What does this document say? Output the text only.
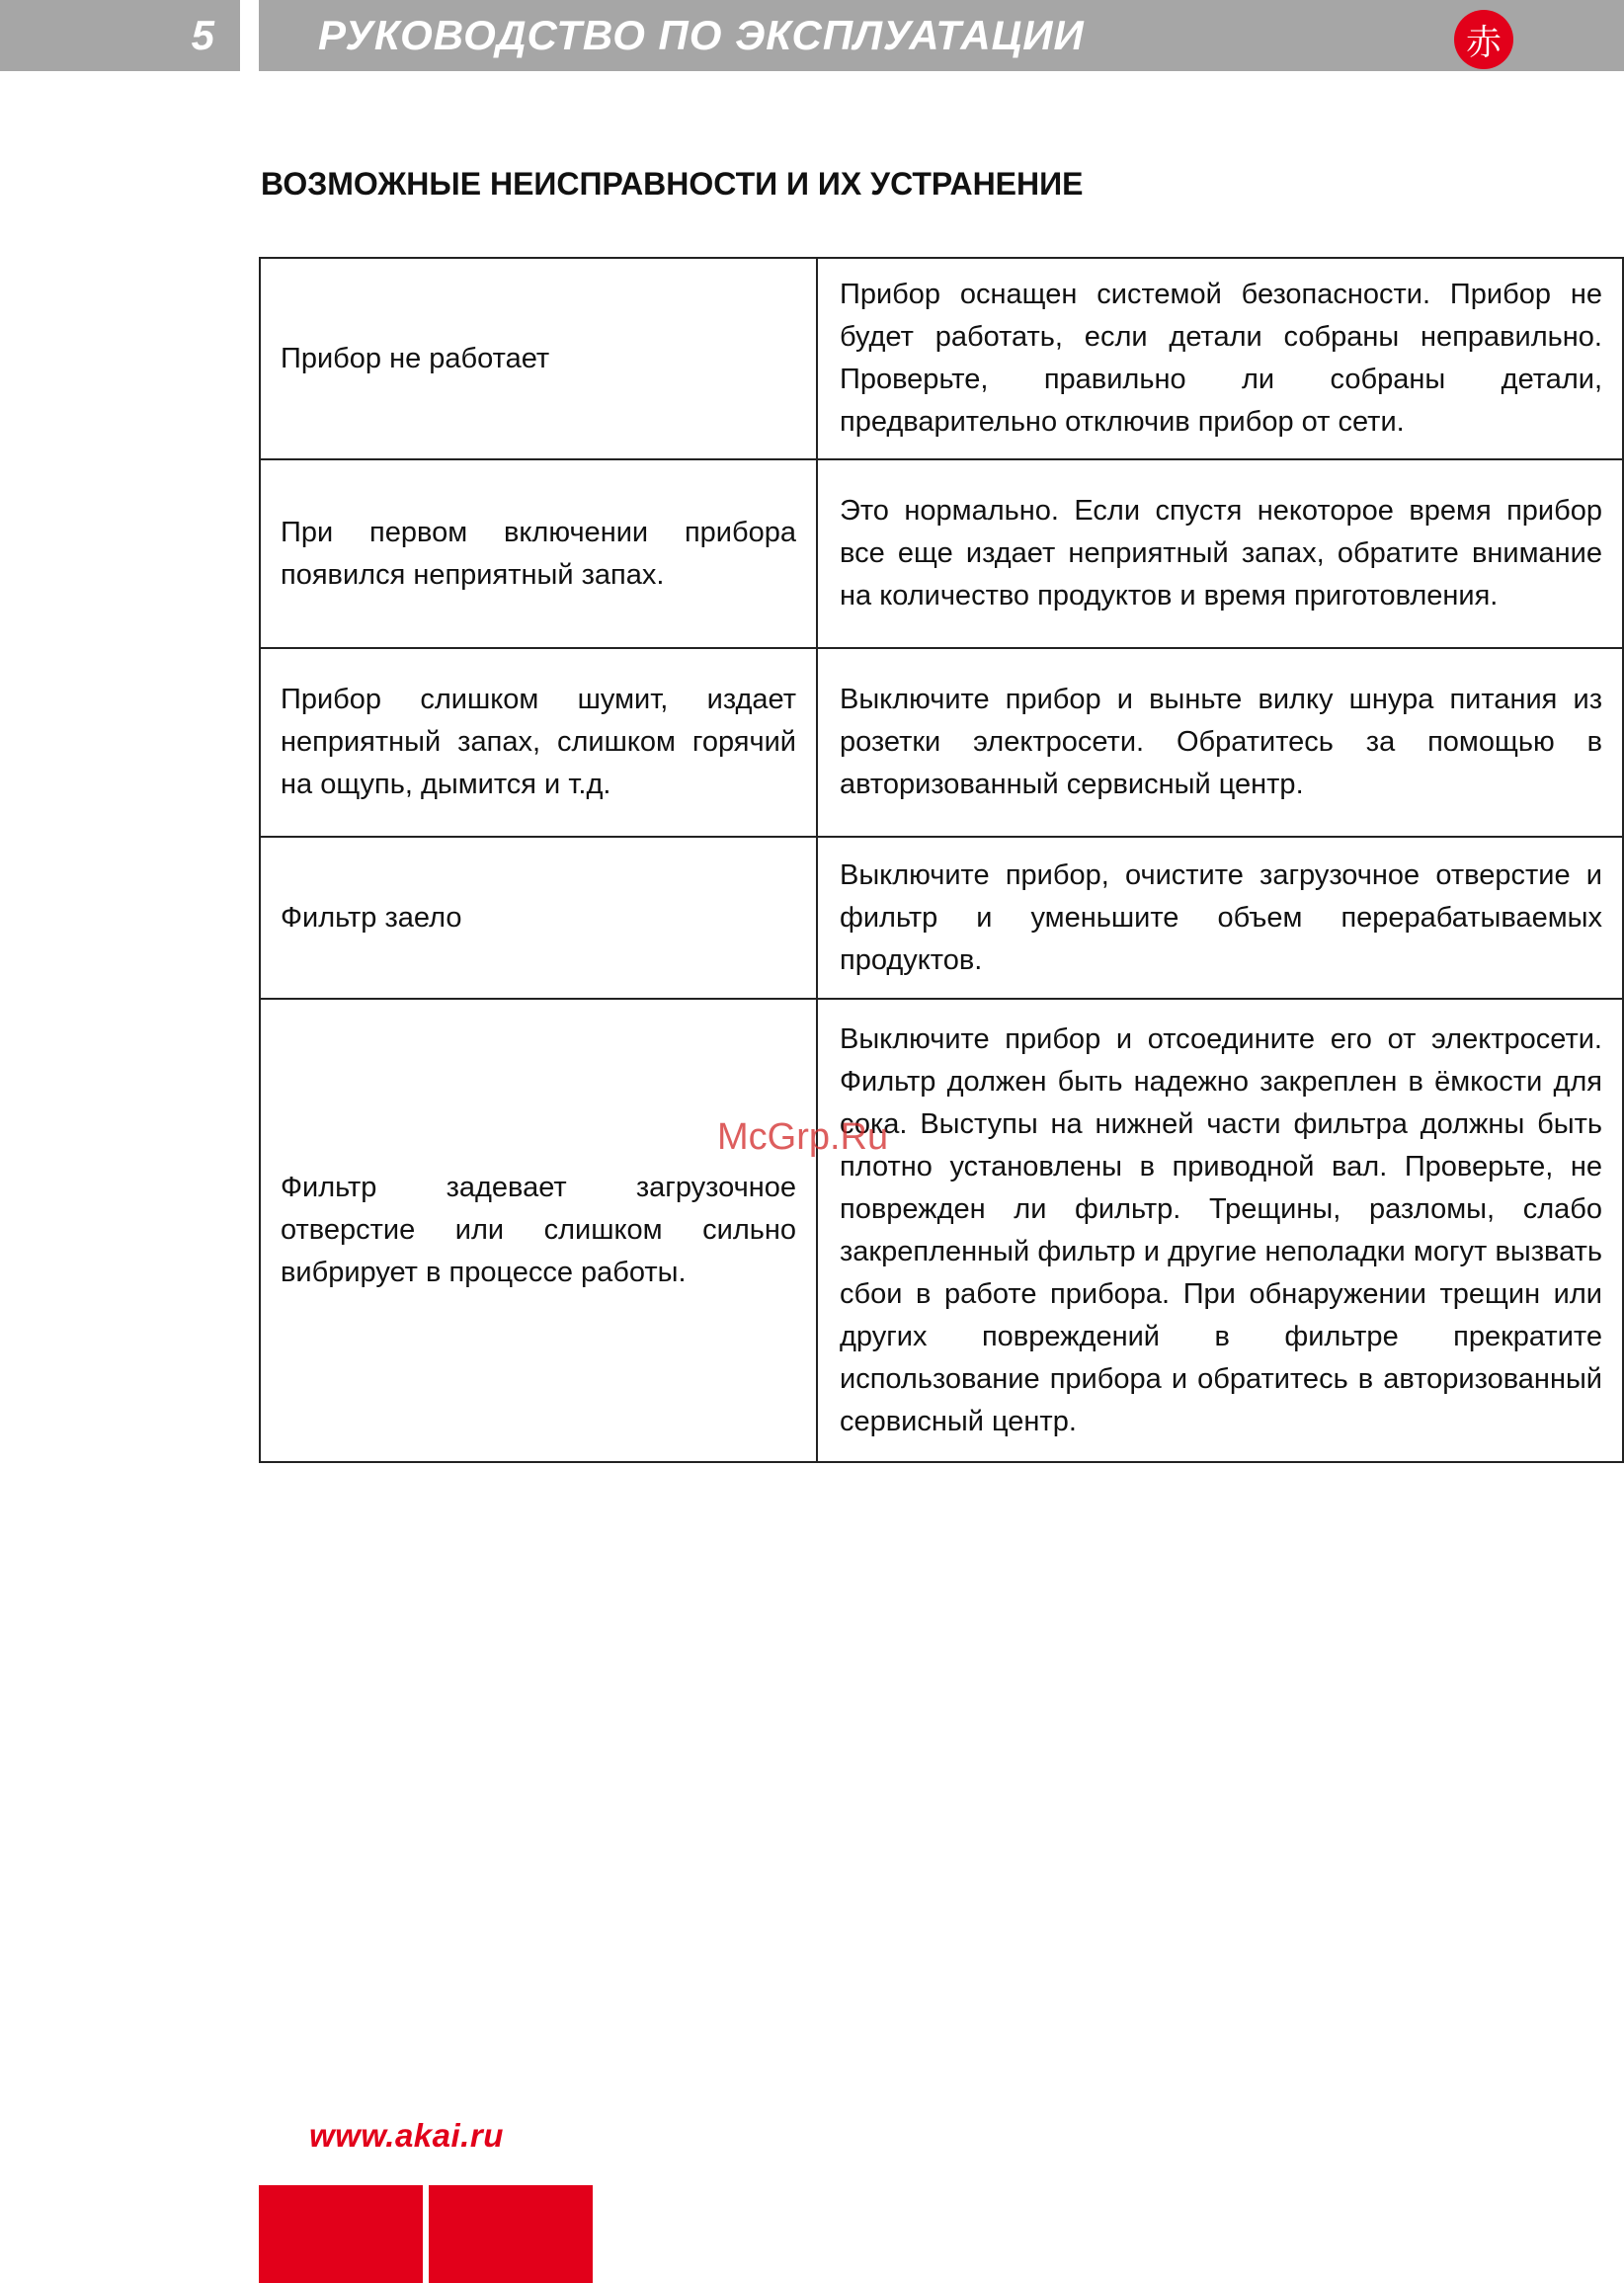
5	РУКОВОДСТВО ПО ЭКСПЛУАТАЦИИ	赤
ВОЗМОЖНЫЕ НЕИСПРАВНОСТИ И ИХ УСТРАНЕНИЕ
Прибор не работает	Прибор оснащен системой безопасности. Прибор не будет работать, если детали собраны неправильно. Проверьте, правильно ли собраны детали, предварительно отключив прибор от сети.
При первом включении прибора появился неприятный запах.	Это нормально. Если спустя некоторое время прибор все еще издает неприятный запах, обратите внимание на количество продуктов и время приготовления.
Прибор слишком шумит, издает неприятный запах, слишком горячий на ощупь, дымится и т.д.	Выключите прибор и выньте вилку шнура питания из розетки электросети. Обратитесь за помощью в авторизованный сервисный центр.
Фильтр заело	Выключите прибор, очистите загрузочное отверстие и фильтр и уменьшите объем перерабатываемых продуктов.
Фильтр задевает загрузочное отверстие или слишком сильно вибрирует в процессе работы.	Выключите прибор и отсоедините его от электросети. Фильтр должен быть надежно закреплен в ёмкости для сока. Выступы на нижней части фильтра должны быть плотно установлены в приводной вал. Проверьте, не поврежден ли фильтр. Трещины, разломы, слабо закрепленный фильтр и другие неполадки могут вызвать сбои в работе прибора. При обнаружении трещин или других повреждений в фильтре прекратите использование прибора и обратитесь в авторизованный сервисный центр.
McGrp.Ru
www.akai.ru
